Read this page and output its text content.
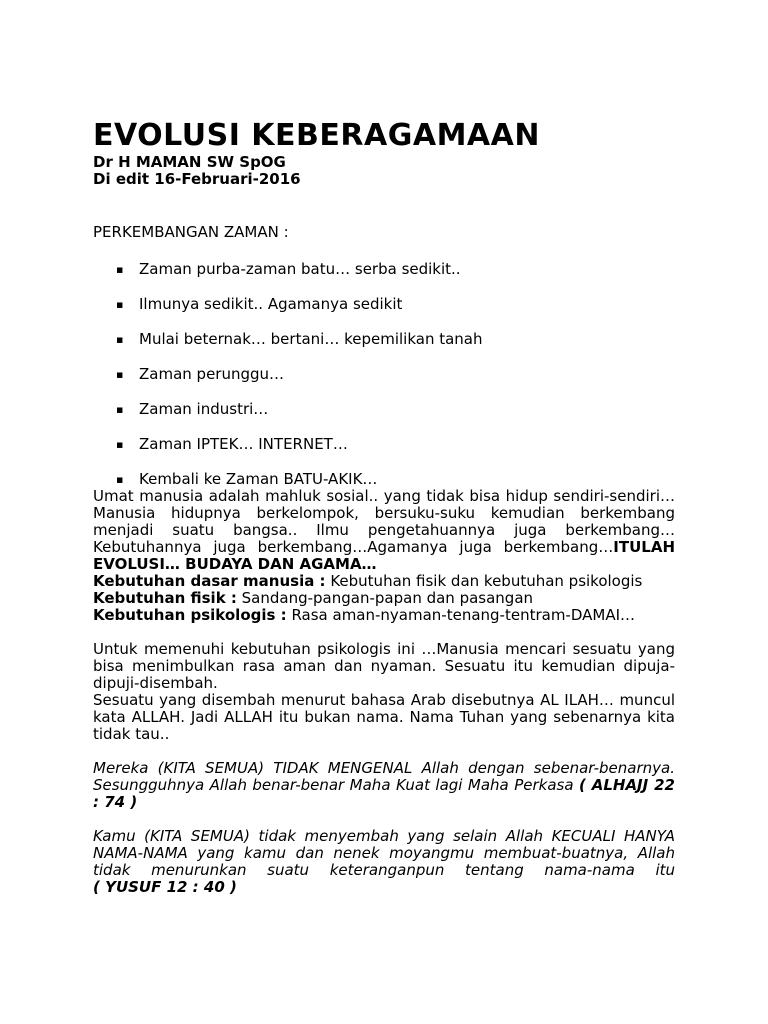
EVOLUSI KEBERAGAMAAN
Dr H MAMAN SW SpOG
Di edit 16-Februari-2016
PERKEMBANGAN ZAMAN :
▪ Zaman purba-zaman batu… serba sedikit..
▪ Ilmunya sedikit.. Agamanya sedikit
▪ Mulai beternak… bertani… kepemilikan tanah
▪ Zaman perunggu…
▪ Zaman industri…
▪ Zaman IPTEK… INTERNET…
▪ Kembali ke Zaman BATU-AKIK…

Umat manusia adalah mahluk sosial.. yang tidak bisa hidup sendiri-sendiri…Manusia hidupnya berkelompok, bersuku-suku kemudian berkembang menjadi suatu bangsa.. Ilmu pengetahuannya juga berkembang…Kebutuhannya juga berkembang…Agamanya juga berkembang…ITULAH EVOLUSI… BUDAYA DAN AGAMA…

Kebutuhan dasar manusia : Kebutuhan fisik dan kebutuhan psikologis

Kebutuhan fisik : Sandang-pangan-papan dan pasangan

Kebutuhan psikologis : Rasa aman-nyaman-tenang-tentram-DAMAI…

Untuk memenuhi kebutuhan psikologis ini …Manusia mencari sesuatu yang bisa menimbulkan rasa aman dan nyaman. Sesuatu itu kemudian dipuja-dipuji-disembah.

Sesuatu yang disembah menurut bahasa Arab disebutnya AL ILAH… muncul kata ALLAH. Jadi ALLAH itu bukan nama. Nama Tuhan yang sebenarnya kita tidak tau..

Mereka (KITA SEMUA) TIDAK MENGENAL Allah dengan sebenar-benarnya. Sesungguhnya Allah benar-benar Maha Kuat lagi Maha Perkasa ( ALHAJJ 22 : 74 )

Kamu (KITA SEMUA) tidak menyembah yang selain Allah KECUALI HANYA NAMA-NAMA yang kamu dan nenek moyangmu membuat-buatnya, Allah tidak menurunkan suatu keteranganpun tentang nama-nama itu

( YUSUF 12 : 40 )
